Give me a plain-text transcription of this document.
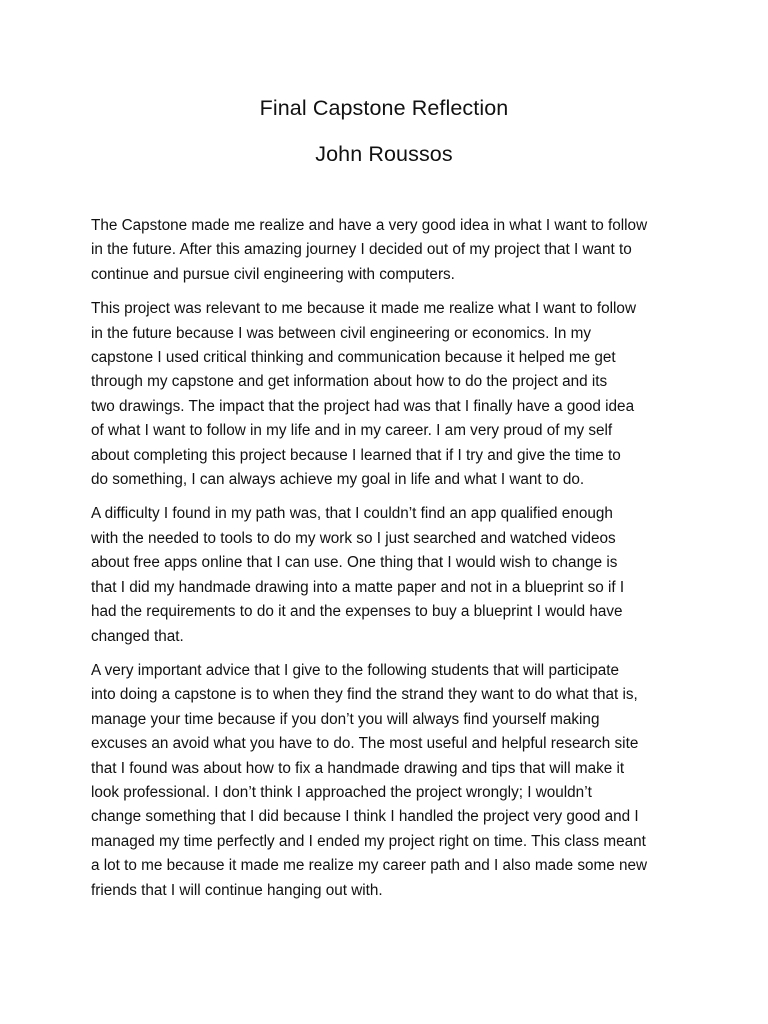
Final Capstone Reflection
John Roussos

The Capstone made me realize and have a very good idea in what I want to follow
in the future. After this amazing journey I decided out of my project that I want to
continue and pursue civil engineering with computers.

This project was relevant to me because it made me realize what I want to follow
in the future because I was between civil engineering or economics. In my
capstone I used critical thinking and communication because it helped me get
through my capstone and get information about how to do the project and its
two drawings. The impact that the project had was that I finally have a good idea
of what I want to follow in my life and in my career. I am very proud of my self
about completing this project because I learned that if I try and give the time to
do something, I can always achieve my goal in life and what I want to do.

A difficulty I found in my path was, that I couldn’t find an app qualified enough
with the needed to tools to do my work so I just searched and watched videos
about free apps online that I can use. One thing that I would wish to change is
that I did my handmade drawing into a matte paper and not in a blueprint so if I
had the requirements to do it and the expenses to buy a blueprint I would have
changed that.

A very important advice that I give to the following students that will participate
into doing a capstone is to when they find the strand they want to do what that is,
manage your time because if you don’t you will always find yourself making
excuses an avoid what you have to do. The most useful and helpful research site
that I found was about how to fix a handmade drawing and tips that will make it
look professional. I don’t think I approached the project wrongly; I wouldn’t
change something that I did because I think I handled the project very good and I
managed my time perfectly and I ended my project right on time. This class meant
a lot to me because it made me realize my career path and I also made some new
friends that I will continue hanging out with.
